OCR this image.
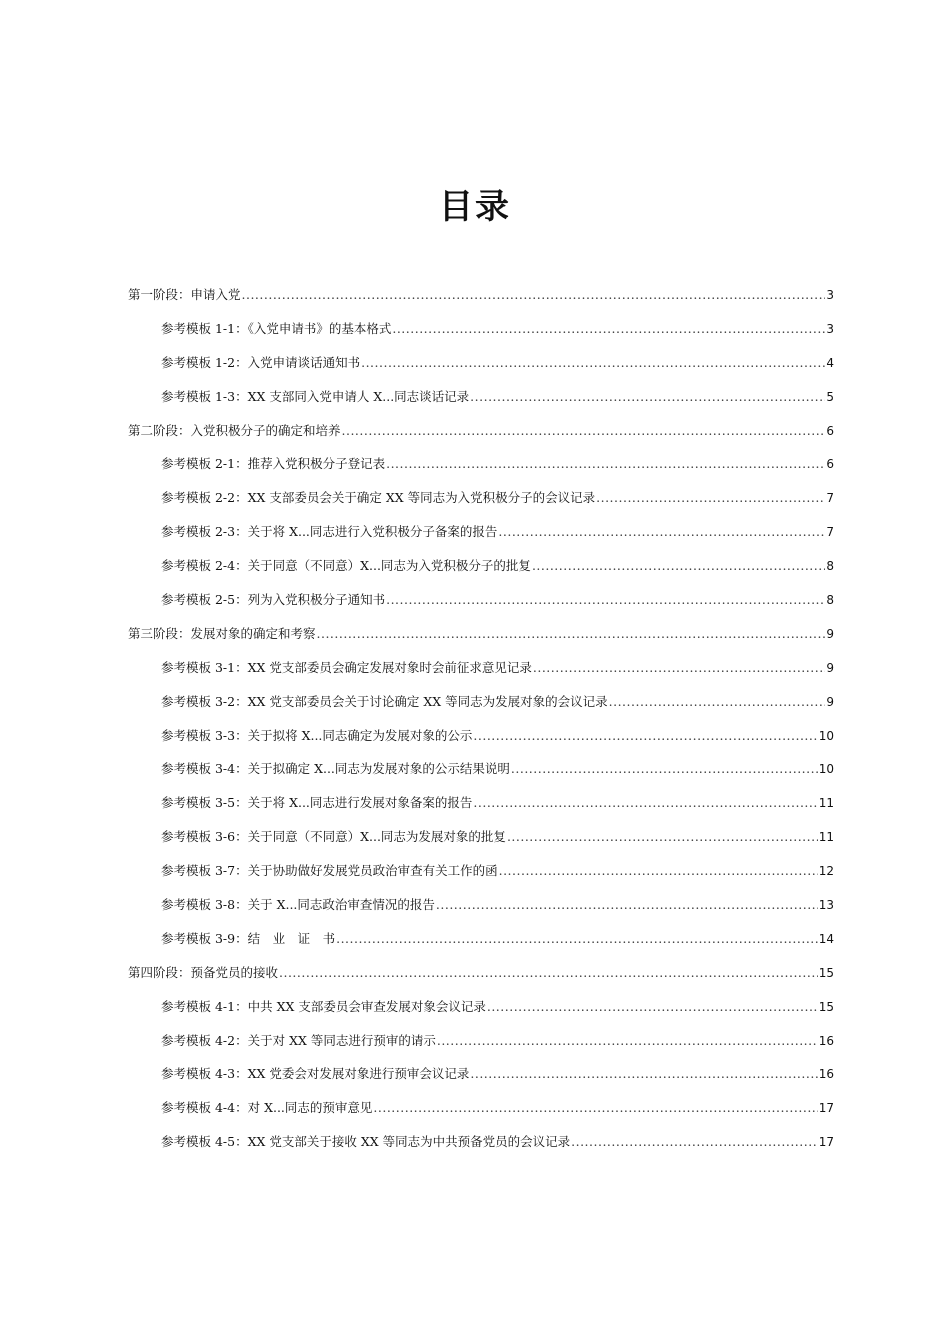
目录
第一阶段：申请入党 .....	3
参考模板 1-1：《入党申请书》的基本格式 .....	3
参考模板 1-2：入党申请谈话通知书 .....	4
参考模板 1-3：XX 支部同入党申请人 X...同志谈话记录 .....	5
第二阶段：入党积极分子的确定和培养 .....	6
参考模板 2-1：推荐入党积极分子登记表 .....	6
参考模板 2-2：XX 支部委员会关于确定 XX 等同志为入党积极分子的会议记录 .....	7
参考模板 2-3：关于将 X...同志进行入党积极分子备案的报告 .....	7
参考模板 2-4：关于同意（不同意）X...同志为入党积极分子的批复 .....	8
参考模板 2-5：列为入党积极分子通知书 .....	8
第三阶段：发展对象的确定和考察 .....	9
参考模板 3-1：XX 党支部委员会确定发展对象时会前征求意见记录 .....	9
参考模板 3-2：XX 党支部委员会关于讨论确定 XX 等同志为发展对象的会议记录 .....	9
参考模板 3-3：关于拟将 X...同志确定为发展对象的公示 .....	10
参考模板 3-4：关于拟确定 X...同志为发展对象的公示结果说明 .....	10
参考模板 3-5：关于将 X...同志进行发展对象备案的报告 .....	11
参考模板 3-6：关于同意（不同意）X...同志为发展对象的批复 .....	11
参考模板 3-7：关于协助做好发展党员政治审查有关工作的函 .....	12
参考模板 3-8：关于 X...同志政治审查情况的报告 .....	13
参考模板 3-9：结　业　证　书 .....	14
第四阶段：预备党员的接收 .....	15
参考模板 4-1：中共 XX 支部委员会审查发展对象会议记录 .....	15
参考模板 4-2：关于对 XX 等同志进行预审的请示 .....	16
参考模板 4-3：XX 党委会对发展对象进行预审会议记录 .....	16
参考模板 4-4：对 X...同志的预审意见 .....	17
参考模板 4-5：XX 党支部关于接收 XX 等同志为中共预备党员的会议记录 .....	17
